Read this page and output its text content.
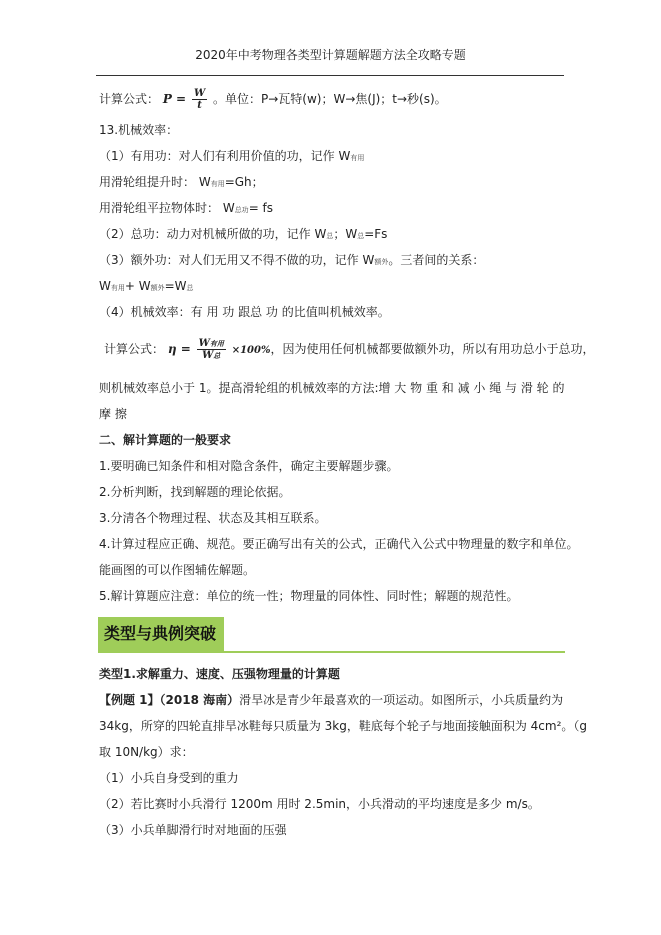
2020年中考物理各类型计算题解题方法全攻略专题
计算公式： $P = \frac{W}{t}$ 。单位：P→瓦特(w)；W→焦(J)；t→秒(s)。
13.机械效率：
（1）有用功：对人们有利用价值的功，记作 W有用
用滑轮组提升时： W有用=Gh；
用滑轮组平拉物体时： W总功= fs
（2）总功：动力对机械所做的功，记作 W总；W总=Fs
（3）额外功：对人们无用又不得不做的功，记作 W额外。三者间的关系：
W有用+ W额外=W总
（4）机械效率：有 用 功 跟总 功 的比值叫机械效率。
计算公式： $\eta = \frac{\text{W有用}}{\text{W总}} \times 100\%$，因为使用任何机械都要做额外功，所以有用功总小于总功，
则机械效率总小于 1。提高滑轮组的机械效率的方法:增 大 物 重 和 减 小 绳 与 滑 轮 的
摩 擦
二、解计算题的一般要求
1.要明确已知条件和相对隐含条件，确定主要解题步骤。
2.分析判断，找到解题的理论依据。
3.分清各个物理过程、状态及其相互联系。
4.计算过程应正确、规范。要正确写出有关的公式，正确代入公式中物理量的数字和单位。
能画图的可以作图辅佐解题。
5.解计算题应注意：单位的统一性；物理量的同体性、同时性；解题的规范性。
类型与典例突破
类型1.求解重力、速度、压强物理量的计算题
【例题 1】（2018 海南）滑旱冰是青少年最喜欢的一项运动。如图所示，小兵质量约为
34kg，所穿的四轮直排旱冰鞋每只质量为 3kg，鞋底每个轮子与地面接触面积为 4cm²。（g
取 10N/kg）求：
（1）小兵自身受到的重力
（2）若比赛时小兵滑行 1200m 用时 2.5min，小兵滑动的平均速度是多少 m/s。
（3）小兵单脚滑行时对地面的压强
